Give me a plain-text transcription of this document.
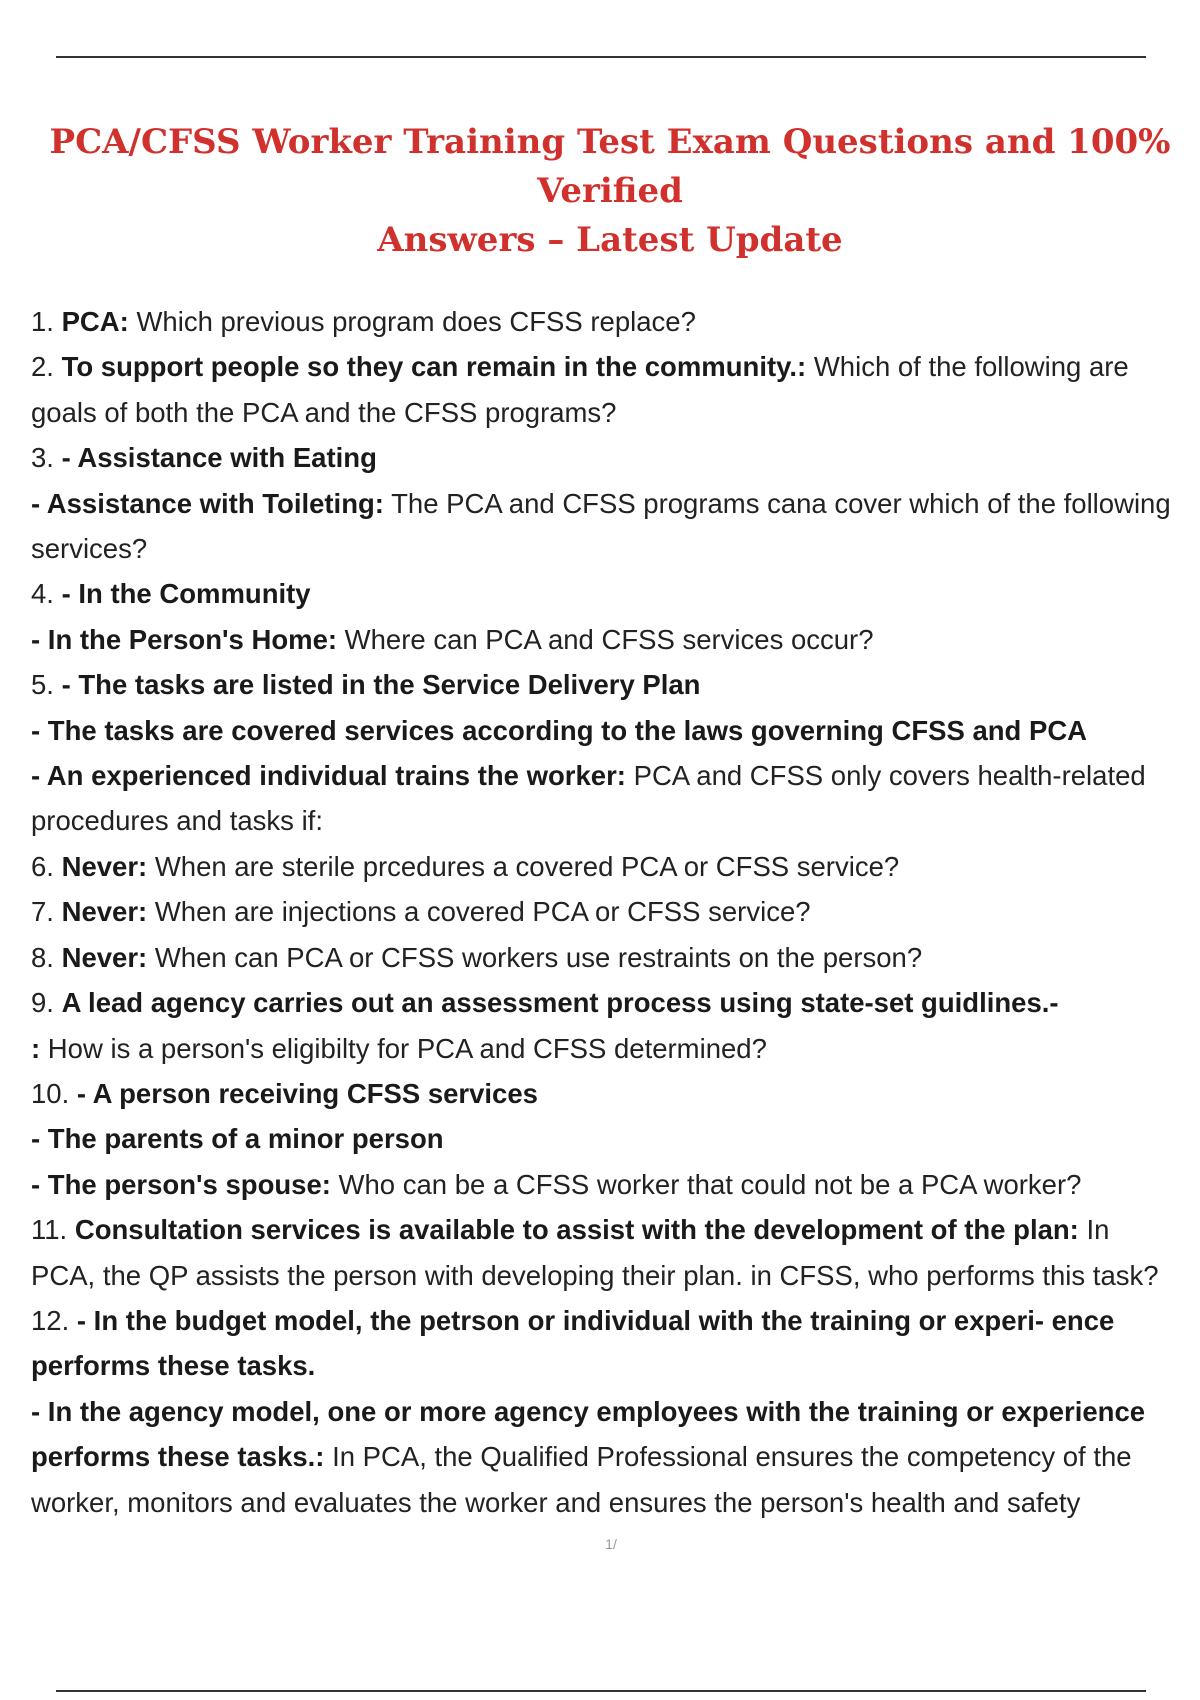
PCA/CFSS Worker Training Test Exam Questions and 100% Verified
Answers – Latest Update
1. PCA: Which previous program does CFSS replace?
2. To support people so they can remain in the community.: Which of the following are goals of both the PCA and the CFSS programs?
3. - Assistance with Eating
- Assistance with Toileting: The PCA and CFSS programs cana cover which of the following services?
4. - In the Community
- In the Person's Home: Where can PCA and CFSS services occur?
5. - The tasks are listed in the Service Delivery Plan
- The tasks are covered services according to the laws governing CFSS and PCA
- An experienced individual trains the worker: PCA and CFSS only covers health-related procedures and tasks if:
6. Never: When are sterile prcedures a covered PCA or CFSS service?
7. Never: When are injections a covered PCA or CFSS service?
8. Never: When can PCA or CFSS workers use restraints on the person?
9. A lead agency carries out an assessment process using state-set guidlines.-
: How is a person's eligibilty for PCA and CFSS determined?
10. - A person receiving CFSS services
- The parents of a minor person
- The person's spouse: Who can be a CFSS worker that could not be a PCA worker?
11. Consultation services is available to assist with the development of the plan: In PCA, the QP assists the person with developing their plan. in CFSS, who performs this task?
12. - In the budget model, the petrson or individual with the training or experi- ence performs these tasks.
- In the agency model, one or more agency employees with the training or experience performs these tasks.: In PCA, the Qualified Professional ensures the competency of the worker, monitors and evaluates the worker and ensures the person's health and safety
1/
